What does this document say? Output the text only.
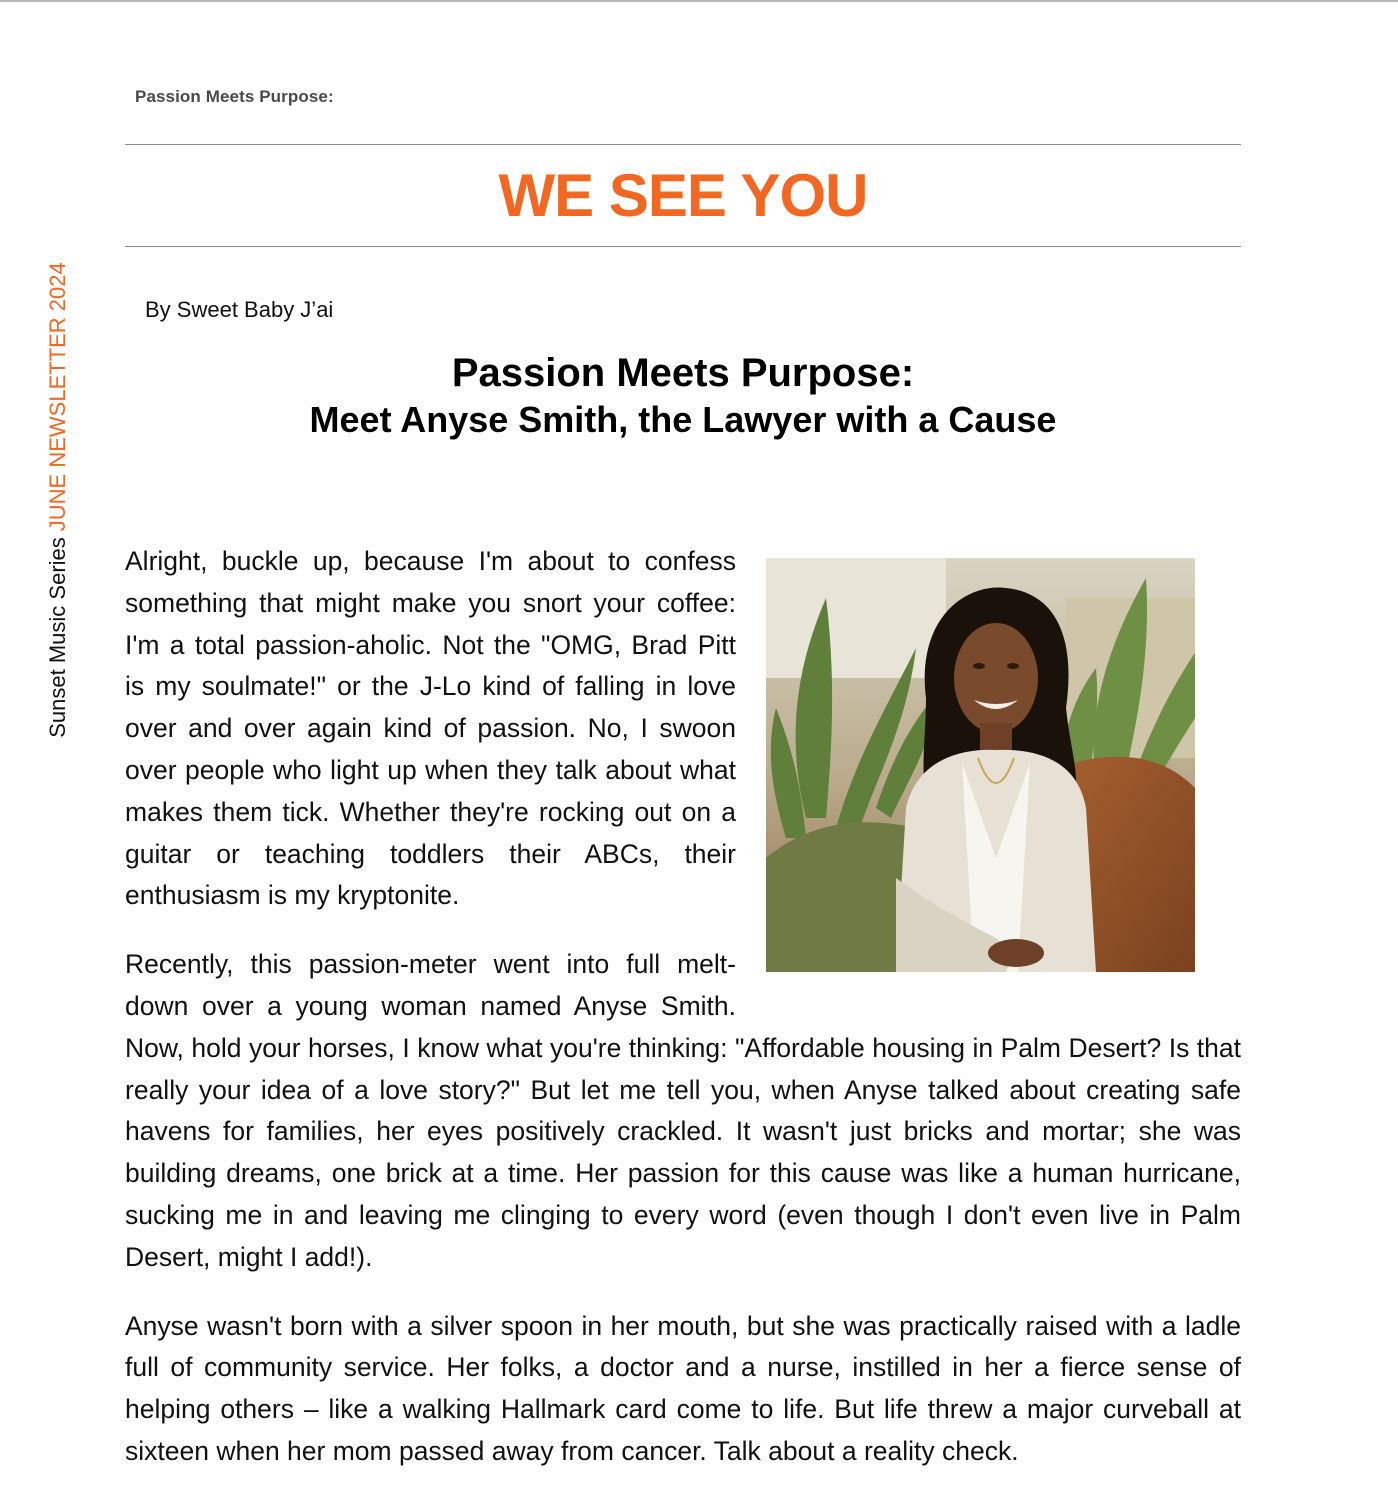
Sunset Music SeriesJUNE NEWSLETTER 2024
Passion Meets Purpose:
WE SEE YOU
By Sweet Baby J’ai
Passion Meets Purpose:
Meet Anyse Smith, the Lawyer with a Cause

Alright, buckle up, because I'm about to confess something that might make you snort your coffee: I'm a total passion-aholic. Not the "OMG, Brad Pitt is my soulmate!" or the J-Lo kind of falling in love over and over again kind of passion. No, I swoon over people who light up when they talk about what makes them tick. Whether they're rocking out on a guitar or teaching toddlers their ABCs, their enthusiasm is my kryptonite.

Recently, this passion-meter went into full melt-down over a young woman named Anyse Smith. Now, hold your horses, I know what you're thinking: "Affordable housing in Palm Desert? Is that really your idea of a love story?" But let me tell you, when Anyse talked about creating safe havens for families, her eyes positively crackled. It wasn't just bricks and mortar; she was building dreams, one brick at a time. Her passion for this cause was like a human hurricane, sucking me in and leaving me clinging to every word (even though I don't even live in Palm Desert, might I add!).

Anyse wasn't born with a silver spoon in her mouth, but she was practically raised with a ladle full of community service. Her folks, a doctor and a nurse, instilled in her a fierce sense of helping others – like a walking Hallmark card come to life. But life threw a major curveball at sixteen when her mom passed away from cancer. Talk about a reality check.
